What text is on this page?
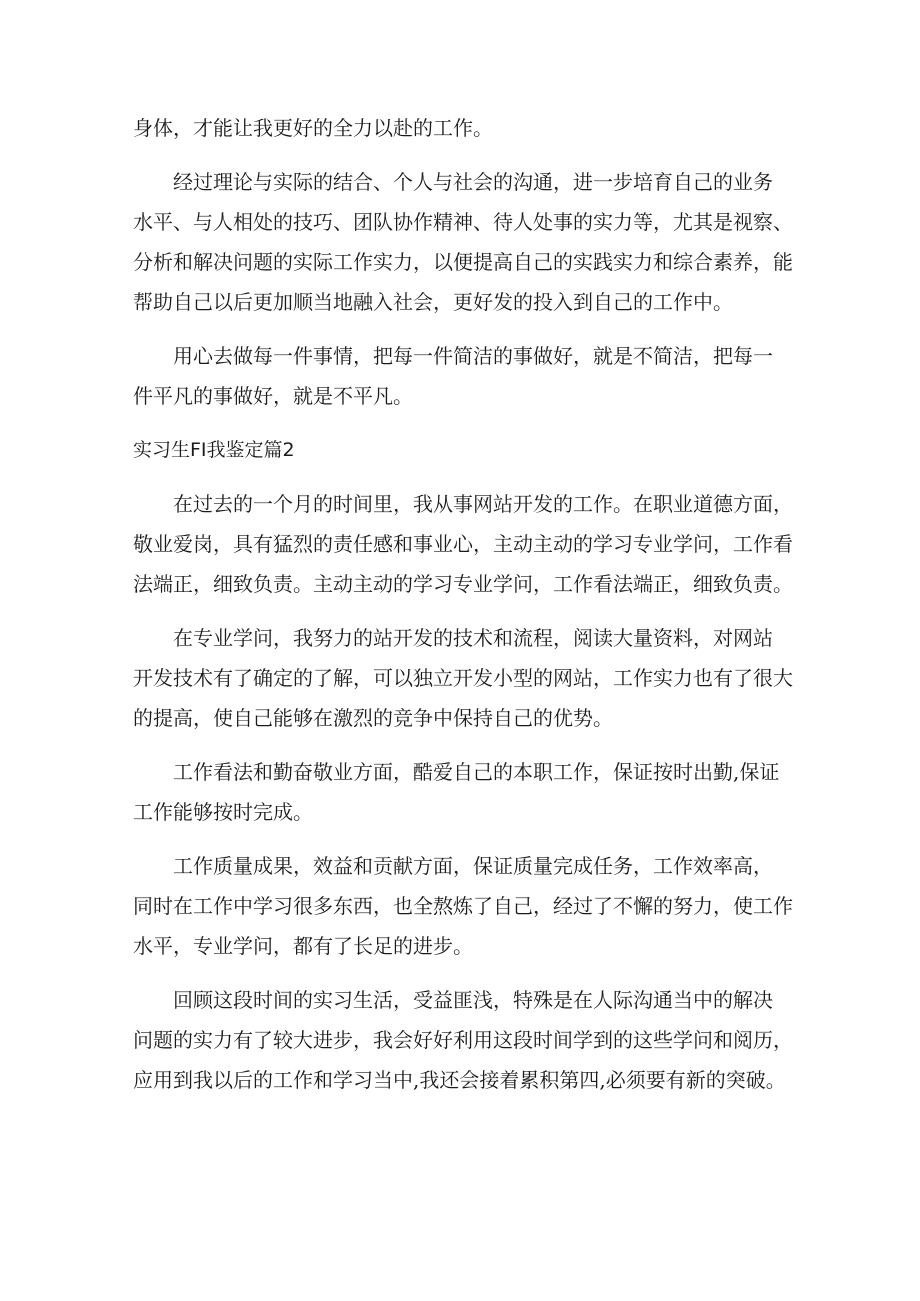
身体，才能让我更好的全力以赴的工作。
经过理论与实际的结合、个人与社会的沟通，进一步培育自己的业务
水平、与人相处的技巧、团队协作精神、待人处事的实力等，尤其是视察、
分析和解决问题的实际工作实力，以便提高自己的实践实力和综合素养，能
帮助自己以后更加顺当地融入社会，更好发的投入到自己的工作中。
用心去做每一件事情，把每一件简洁的事做好，就是不简洁，把每一
件平凡的事做好，就是不平凡。
实习生FI我鉴定篇2
在过去的一个月的时间里，我从事网站开发的工作。在职业道德方面，
敬业爱岗，具有猛烈的责任感和事业心，主动主动的学习专业学问，工作看
法端正，细致负责。主动主动的学习专业学问，工作看法端正，细致负责。
在专业学问，我努力的站开发的技术和流程，阅读大量资料，对网站
开发技术有了确定的了解，可以独立开发小型的网站，工作实力也有了很大
的提高，使自己能够在激烈的竞争中保持自己的优势。
工作看法和勤奋敬业方面，酷爱自己的本职工作，保证按时出勤,保证
工作能够按时完成。
工作质量成果，效益和贡献方面，保证质量完成任务，工作效率高，
同时在工作中学习很多东西，也全熬炼了自己，经过了不懈的努力，使工作
水平，专业学问，都有了长足的进步。
回顾这段时间的实习生活，受益匪浅，特殊是在人际沟通当中的解决
问题的实力有了较大进步，我会好好利用这段时间学到的这些学问和阅历，
应用到我以后的工作和学习当中,我还会接着累积第四,必须要有新的突破。
